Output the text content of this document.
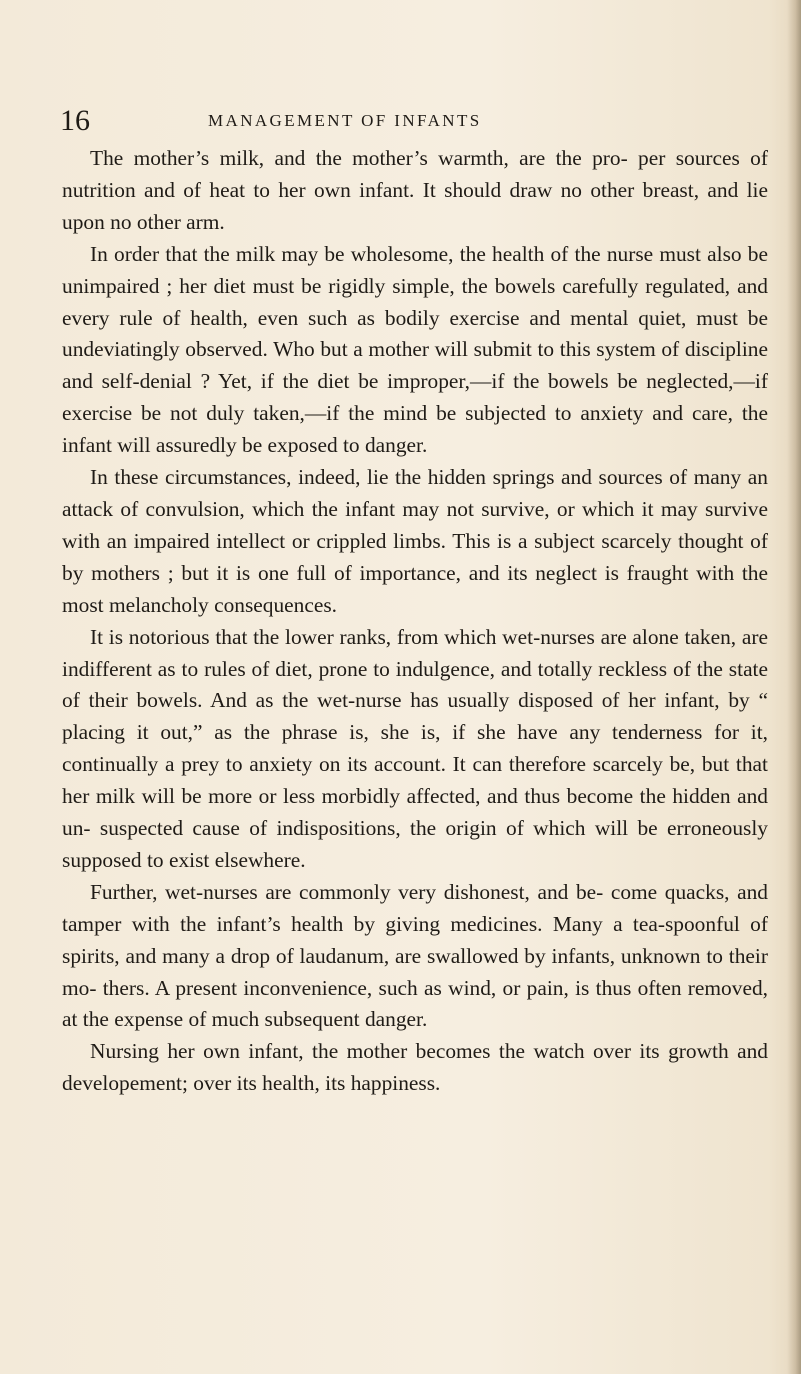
16	MANAGEMENT OF INFANTS

The mother’s milk, and the mother’s warmth, are the pro- per sources of nutrition and of heat to her own infant. It should draw no other breast, and lie upon no other arm.

In order that the milk may be wholesome, the health of the nurse must also be unimpaired ; her diet must be rigidly simple, the bowels carefully regulated, and every rule of health, even such as bodily exercise and mental quiet, must be undeviatingly observed. Who but a mother will submit to this system of discipline and self-denial ? Yet, if the diet be improper,—if the bowels be neglected,—if exercise be not duly taken,—if the mind be subjected to anxiety and care, the infant will assuredly be exposed to danger.

In these circumstances, indeed, lie the hidden springs and sources of many an attack of convulsion, which the infant may not survive, or which it may survive with an impaired intellect or crippled limbs. This is a subject scarcely thought of by mothers ; but it is one full of importance, and its neglect is fraught with the most melancholy consequences.

It is notorious that the lower ranks, from which wet-nurses are alone taken, are indifferent as to rules of diet, prone to indulgence, and totally reckless of the state of their bowels. And as the wet-nurse has usually disposed of her infant, by “ placing it out,” as the phrase is, she is, if she have any tenderness for it, continually a prey to anxiety on its account. It can therefore scarcely be, but that her milk will be more or less morbidly affected, and thus become the hidden and un- suspected cause of indispositions, the origin of which will be erroneously supposed to exist elsewhere.

Further, wet-nurses are commonly very dishonest, and be- come quacks, and tamper with the infant’s health by giving medicines. Many a tea-spoonful of spirits, and many a drop of laudanum, are swallowed by infants, unknown to their mo- thers. A present inconvenience, such as wind, or pain, is thus often removed, at the expense of much subsequent danger.

Nursing her own infant, the mother becomes the watch over its growth and developement; over its health, its happiness.
